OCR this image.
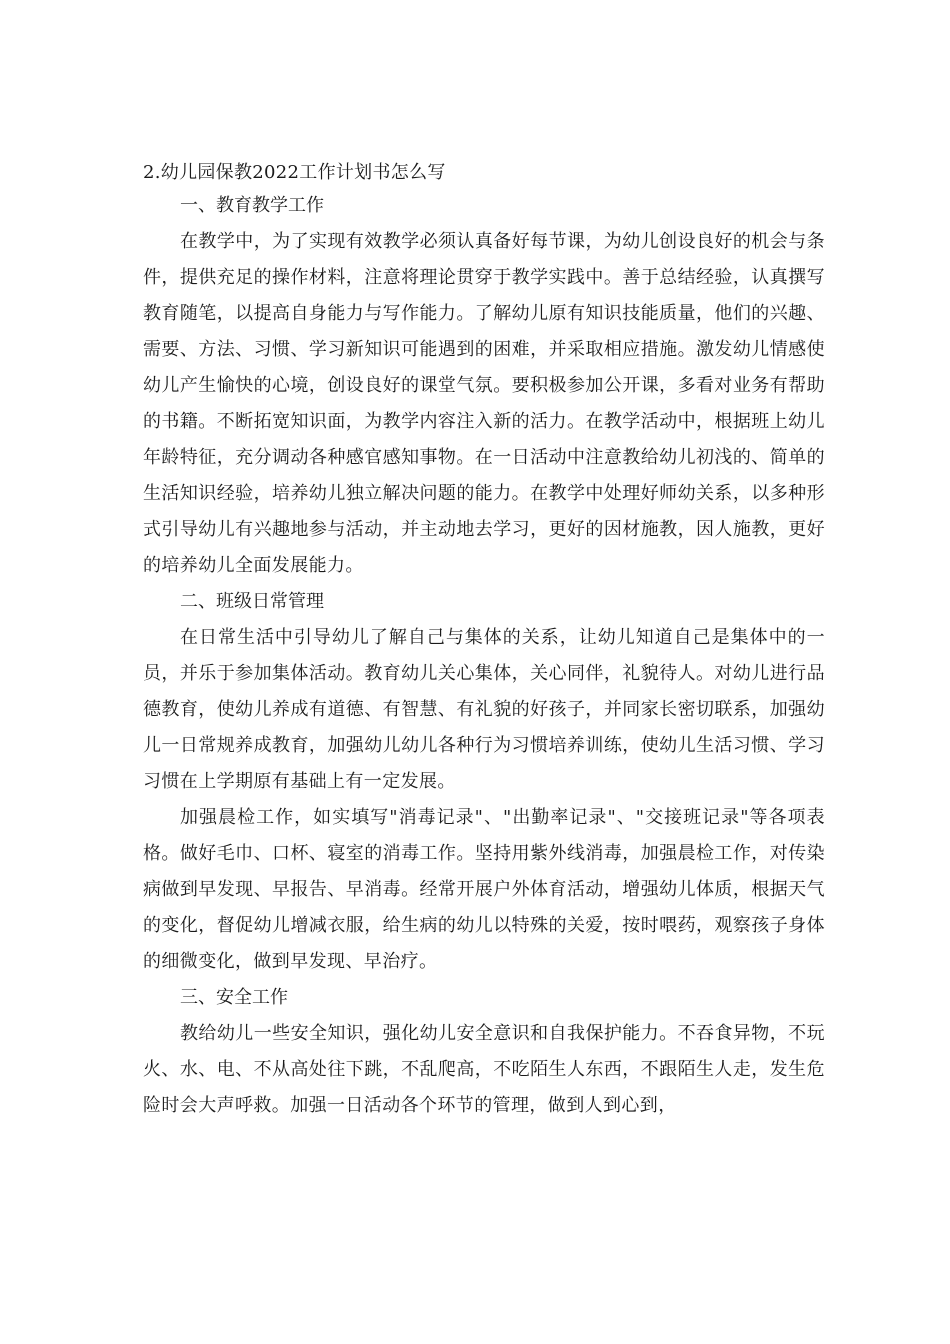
2.幼儿园保教2022工作计划书怎么写
一、教育教学工作

在教学中，为了实现有效教学必须认真备好每节课，为幼儿创设良好的机会与条件，提供充足的操作材料，注意将理论贯穿于教学实践中。善于总结经验，认真撰写教育随笔，以提高自身能力与写作能力。了解幼儿原有知识技能质量，他们的兴趣、需要、方法、习惯、学习新知识可能遇到的困难，并采取相应措施。激发幼儿情感使幼儿产生愉快的心境，创设良好的课堂气氛。要积极参加公开课，多看对业务有帮助的书籍。不断拓宽知识面，为教学内容注入新的活力。在教学活动中，根据班上幼儿年龄特征，充分调动各种感官感知事物。在一日活动中注意教给幼儿初浅的、简单的生活知识经验，培养幼儿独立解决问题的能力。在教学中处理好师幼关系，以多种形式引导幼儿有兴趣地参与活动，并主动地去学习，更好的因材施教，因人施教，更好的培养幼儿全面发展能力。

二、班级日常管理

在日常生活中引导幼儿了解自己与集体的关系，让幼儿知道自己是集体中的一员，并乐于参加集体活动。教育幼儿关心集体，关心同伴，礼貌待人。对幼儿进行品德教育，使幼儿养成有道德、有智慧、有礼貌的好孩子，并同家长密切联系，加强幼儿一日常规养成教育，加强幼儿幼儿各种行为习惯培养训练，使幼儿生活习惯、学习习惯在上学期原有基础上有一定发展。

加强晨检工作，如实填写"消毒记录"、"出勤率记录"、"交接班记录"等各项表格。做好毛巾、口杯、寝室的消毒工作。坚持用紫外线消毒，加强晨检工作，对传染病做到早发现、早报告、早消毒。经常开展户外体育活动，增强幼儿体质，根据天气的变化，督促幼儿增减衣服，给生病的幼儿以特殊的关爱，按时喂药，观察孩子身体的细微变化，做到早发现、早治疗。

三、安全工作

教给幼儿一些安全知识，强化幼儿安全意识和自我保护能力。不吞食异物，不玩火、水、电、不从高处往下跳，不乱爬高，不吃陌生人东西，不跟陌生人走，发生危险时会大声呼救。加强一日活动各个环节的管理，做到人到心到，
